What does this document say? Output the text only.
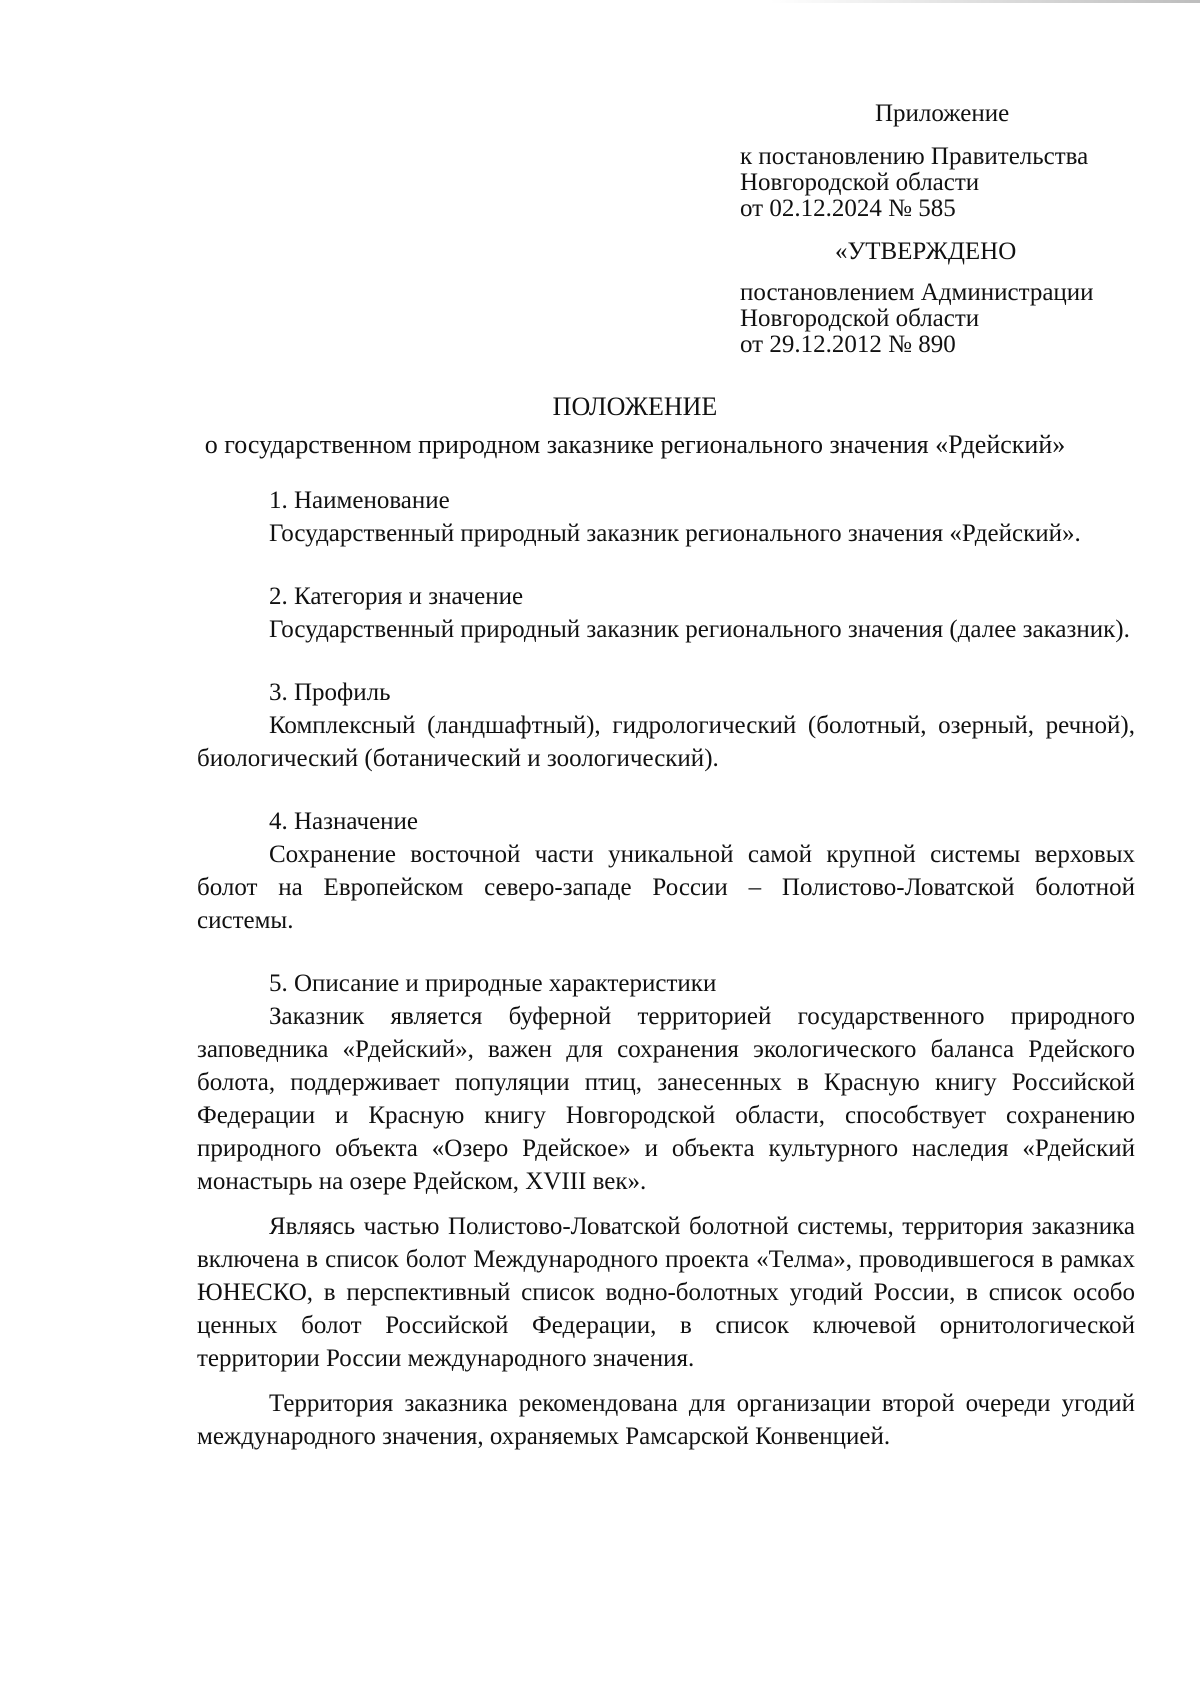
Приложение
к постановлению Правительства
Новгородской области
от 02.12.2024 № 585
«УТВЕРЖДЕНО
постановлением Администрации
Новгородской области
от 29.12.2012 № 890
ПОЛОЖЕНИЕ
о государственном природном заказнике регионального значения «Рдейский»

1. Наименование

Государственный природный заказник регионального значения «Рдейский».

2. Категория и значение

Государственный природный заказник регионального значения (далее заказник).

3. Профиль

Комплексный (ландшафтный), гидрологический (болотный, озерный, речной), биологический (ботанический и зоологический).

4. Назначение

Сохранение восточной части уникальной самой крупной системы верховых болот на Европейском северо-западе России – Полистово-Ловатской болотной системы.

5. Описание и природные характеристики

Заказник является буферной территорией государственного природного заповедника «Рдейский», важен для сохранения экологического баланса Рдейского болота, поддерживает популяции птиц, занесенных в Красную книгу Российской Федерации и Красную книгу Новгородской области, способствует сохранению природного объекта «Озеро Рдейское» и объекта культурного наследия «Рдейский монастырь на озере Рдейском, XVIII век».

Являясь частью Полистово-Ловатской болотной системы, территория заказника включена в список болот Международного проекта «Телма», проводившегося в рамках ЮНЕСКО, в перспективный список водно-болотных угодий России, в список особо ценных болот Российской Федерации, в список ключевой орнитологической территории России международного значения.

Территория заказника рекомендована для организации второй очереди угодий международного значения, охраняемых Рамсарской Конвенцией.
